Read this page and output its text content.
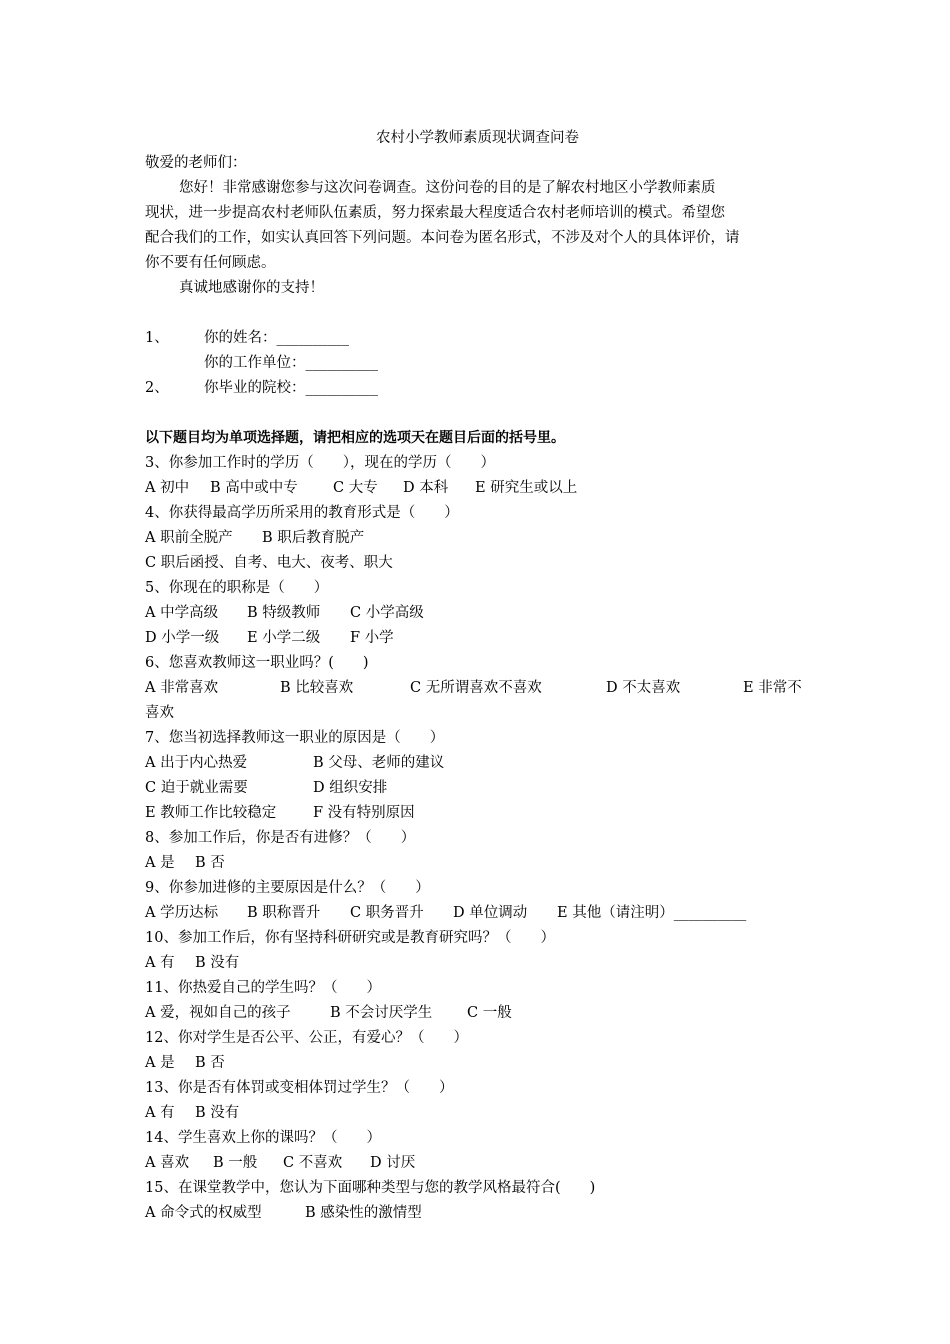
农村小学教师素质现状调查问卷
敬爱的老师们：
您好！非常感谢您参与这次问卷调查。这份问卷的目的是了解农村地区小学教师素质
现状，进一步提高农村老师队伍素质，努力探索最大程度适合农村老师培训的模式。希望您
配合我们的工作，如实认真回答下列问题。本问卷为匿名形式，不涉及对个人的具体评价，请
你不要有任何顾虑。
真诚地感谢你的支持！
1、 你的姓名：__________
你的工作单位：__________
2、 你毕业的院校：__________
以下题目均为单项选择题，请把相应的选项天在题目后面的括号里。
3、你参加工作时的学历（　　），现在的学历（　　）
A 初中 B 高中或中专 C 大专 D 本科 E 研究生或以上
4、你获得最高学历所采用的教育形式是（　　）
A 职前全脱产 B 职后教育脱产
C 职后函授、自考、电大、夜考、职大
5、你现在的职称是（　　）
A 中学高级 B 特级教师 C 小学高级
D 小学一级 E 小学二级 F 小学
6、您喜欢教师这一职业吗？(　　)
A 非常喜欢	B 比较喜欢	C 无所谓喜欢不喜欢	D 不太喜欢	E 非常不
喜欢
7、您当初选择教师这一职业的原因是（　　）
A 出于内心热爱	B 父母、老师的建议
C 迫于就业需要	D 组织安排
E 教师工作比较稳定	F 没有特别原因
8、参加工作后，你是否有进修？（　　）
A 是 B 否
9、你参加进修的主要原因是什么？（　　）
A 学历达标 B 职称晋升 C 职务晋升 D 单位调动 E 其他（请注明）__________
10、参加工作后，你有坚持科研研究或是教育研究吗？（　　）
A 有 B 没有
11、你热爱自己的学生吗？（　　）
A 爱，视如自己的孩子	B 不会讨厌学生 C 一般
12、你对学生是否公平、公正，有爱心？（　　）
A 是 B 否
13、你是否有体罚或变相体罚过学生？（　　）
A 有 B 没有
14、学生喜欢上你的课吗？（　　）
A 喜欢 B 一般 C 不喜欢 D 讨厌
15、在课堂教学中，您认为下面哪种类型与您的教学风格最符合(　　)
A 命令式的权威型	B 感染性的激情型
